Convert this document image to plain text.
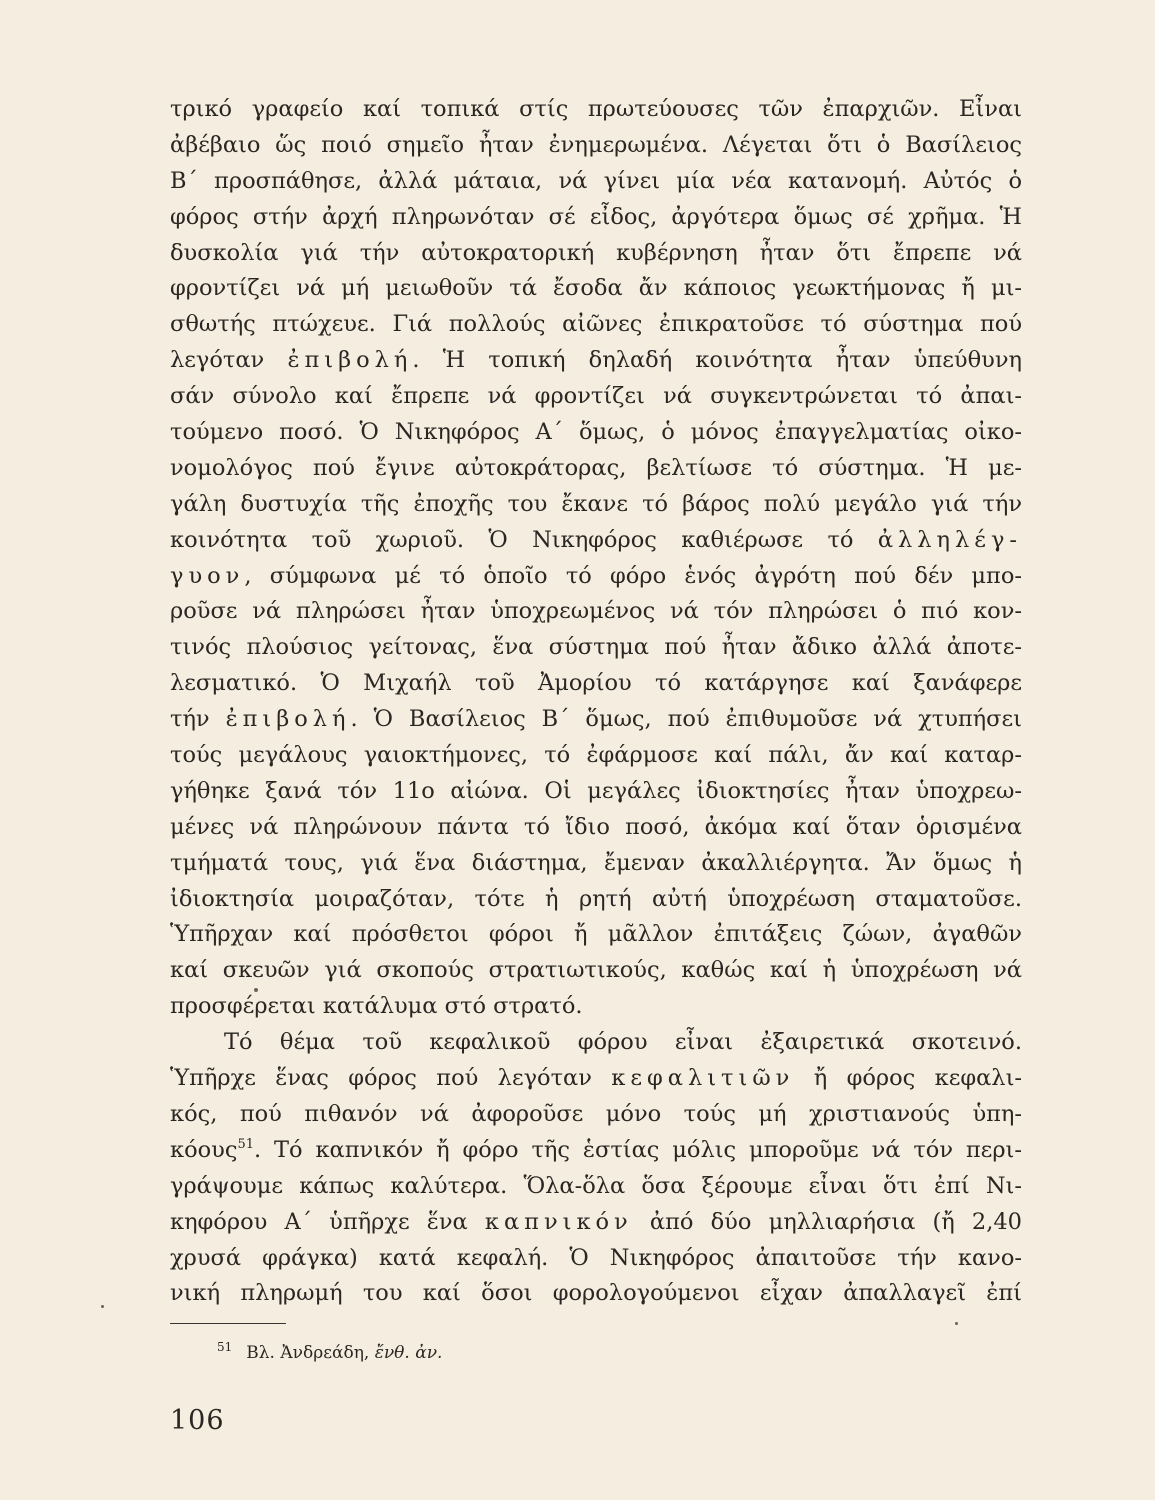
τρικό γραφείο καί τοπικά στίς πρωτεύουσες τῶν ἐπαρχιῶν. Εἶναι
ἀβέβαιο ὥς ποιό σημεῖο ἦταν ἐνημερωμένα. Λέγεται ὅτι ὁ Βασίλειος
Β΄ προσπάθησε, ἀλλά μάταια, νά γίνει μία νέα κατανομή. Αὐτός ὁ
φόρος στήν ἀρχή πληρωνόταν σέ εἶδος, ἀργότερα ὅμως σέ χρῆμα. Ἡ
δυσκολία γιά τήν αὐτοκρατορική κυβέρνηση ἦταν ὅτι ἔπρεπε νά
φροντίζει νά μή μειωθοῦν τά ἔσοδα ἄν κάποιος γεωκτήμονας ἤ μι-
σθωτής πτώχευε. Γιά πολλούς αἰῶνες ἐπικρατοῦσε τό σύστημα πού
λεγόταν ἐπιβολή. Ἡ τοπική δηλαδή κοινότητα ἦταν ὑπεύθυνη
σάν σύνολο καί ἔπρεπε νά φροντίζει νά συγκεντρώνεται τό ἀπαι-
τούμενο ποσό. Ὁ Νικηφόρος Α΄ ὅμως, ὁ μόνος ἐπαγγελματίας οἰκο-
νομολόγος πού ἔγινε αὐτοκράτορας, βελτίωσε τό σύστημα. Ἡ με-
γάλη δυστυχία τῆς ἐποχῆς του ἔκανε τό βάρος πολύ μεγάλο γιά τήν
κοινότητα τοῦ χωριοῦ. Ὁ Νικηφόρος καθιέρωσε τό ἀλληλέγ-
γυον, σύμφωνα μέ τό ὁποῖο τό φόρο ἑνός ἀγρότη πού δέν μπο-
ροῦσε νά πληρώσει ἦταν ὑποχρεωμένος νά τόν πληρώσει ὁ πιό κον-
τινός πλούσιος γείτονας, ἕνα σύστημα πού ἦταν ἄδικο ἀλλά ἀποτε-
λεσματικό. Ὁ Μιχαήλ τοῦ Ἀμορίου τό κατάργησε καί ξανάφερε
τήν ἐπιβολή. Ὁ Βασίλειος Β΄ ὅμως, πού ἐπιθυμοῦσε νά χτυπήσει
τούς μεγάλους γαιοκτήμονες, τό ἐφάρμοσε καί πάλι, ἄν καί καταρ-
γήθηκε ξανά τόν 11ο αἰώνα. Οἱ μεγάλες ἰδιοκτησίες ἦταν ὑποχρεω-
μένες νά πληρώνουν πάντα τό ἴδιο ποσό, ἀκόμα καί ὅταν ὁρισμένα
τμήματά τους, γιά ἕνα διάστημα, ἔμεναν ἀκαλλιέργητα. Ἄν ὅμως ἡ
ἰδιοκτησία μοιραζόταν, τότε ἡ ρητή αὐτή ὑποχρέωση σταματοῦσε.
Ὑπῆρχαν καί πρόσθετοι φόροι ἤ μᾶλλον ἐπιτάξεις ζώων, ἀγαθῶν
καί σκευῶν γιά σκοπούς στρατιωτικούς, καθώς καί ἡ ὑποχρέωση νά
προσφέρεται κατάλυμα στό στρατό.
Τό θέμα τοῦ κεφαλικοῦ φόρου εἶναι ἐξαιρετικά σκοτεινό.
Ὑπῆρχε ἕνας φόρος πού λεγόταν κεφαλιτιῶν ἤ φόρος κεφαλι-
κός, πού πιθανόν νά ἀφοροῦσε μόνο τούς μή χριστιανούς ὑπη-
κόους$^{51}$. Τό καπνικόν ἤ φόρο τῆς ἑστίας μόλις μποροῦμε νά τόν περι-
γράψουμε κάπως καλύτερα. Ὅλα-ὅλα ὅσα ξέρουμε εἶναι ὅτι ἐπί Νι-
κηφόρου Α΄ ὑπῆρχε ἕνα καπνικόν ἀπό δύο μηλλιαρήσια (ἤ 2,40
χρυσά φράγκα) κατά κεφαλή. Ὁ Νικηφόρος ἀπαιτοῦσε τήν κανο-
νική πληρωμή του καί ὅσοι φορολογούμενοι εἶχαν ἀπαλλαγεῖ ἐπί
$^{51}$ Βλ. Ἀνδρεάδη, ἔνθ. ἀν.
106
